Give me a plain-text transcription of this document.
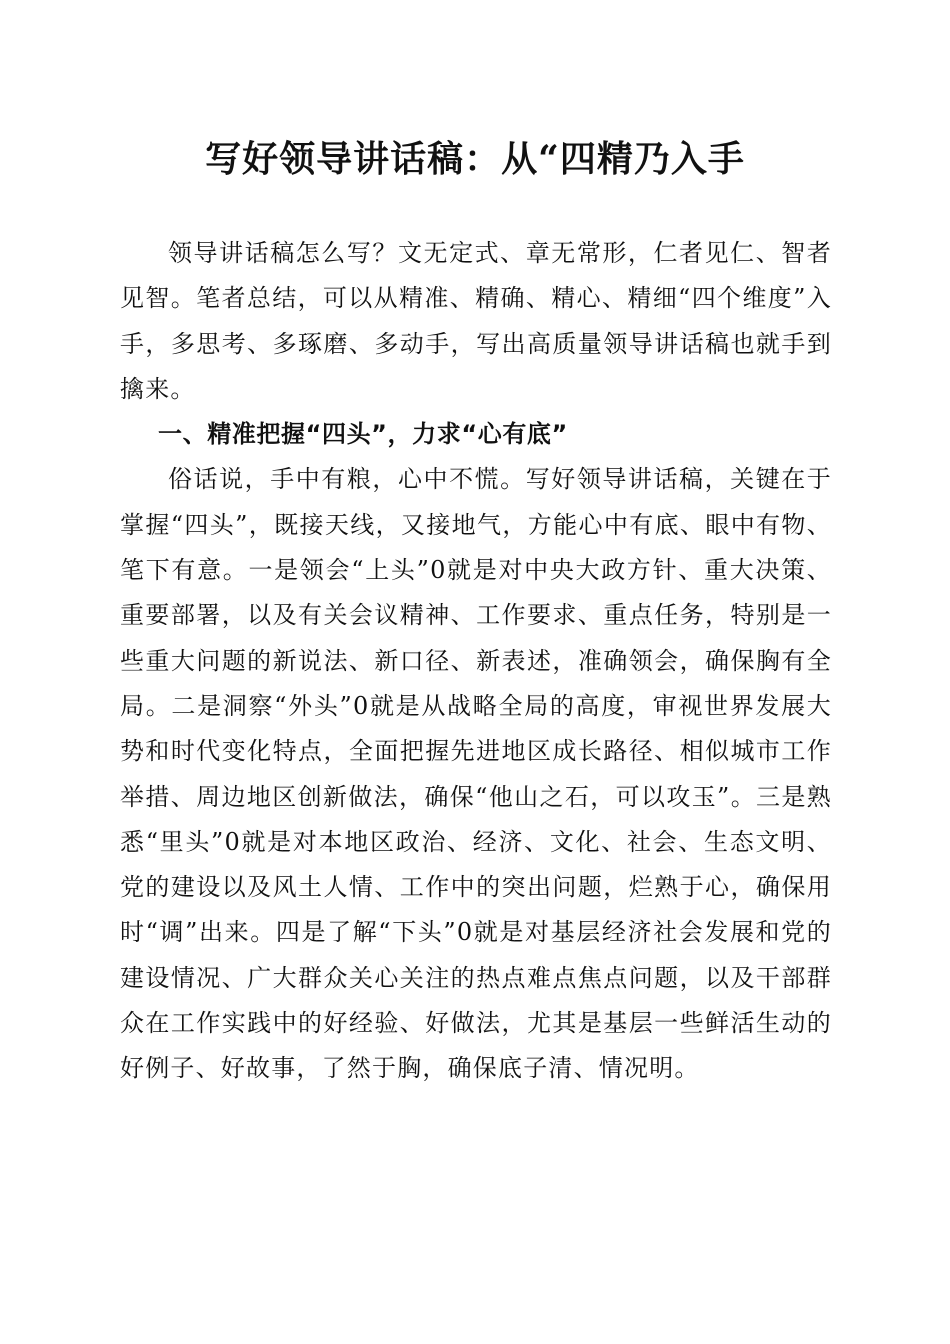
写好领导讲话稿：从“四精乃入手

领导讲话稿怎么写？文无定式、章无常形，仁者见仁、智者见智。笔者总结，可以从精准、精确、精心、精细“四个维度”入手，多思考、多琢磨、多动手，写出高质量领导讲话稿也就手到擒来。

一、精准把握“四头”，力求“心有底”

俗话说，手中有粮，心中不慌。写好领导讲话稿，关键在于掌握“四头”，既接天线，又接地气，方能心中有底、眼中有物、笔下有意。一是领会“上头”0就是对中央大政方针、重大决策、重要部署，以及有关会议精神、工作要求、重点任务，特别是一些重大问题的新说法、新口径、新表述，准确领会，确保胸有全局。二是洞察“外头”0就是从战略全局的高度，审视世界发展大势和时代变化特点，全面把握先进地区成长路径、相似城市工作举措、周边地区创新做法，确保“他山之石，可以攻玉”。三是熟悉“里头”0就是对本地区政治、经济、文化、社会、生态文明、党的建设以及风土人情、工作中的突出问题，烂熟于心，确保用时“调”出来。四是了解“下头”0就是对基层经济社会发展和党的建设情况、广大群众关心关注的热点难点焦点问题，以及干部群众在工作实践中的好经验、好做法，尤其是基层一些鲜活生动的好例子、好故事，了然于胸，确保底子清、情况明。
